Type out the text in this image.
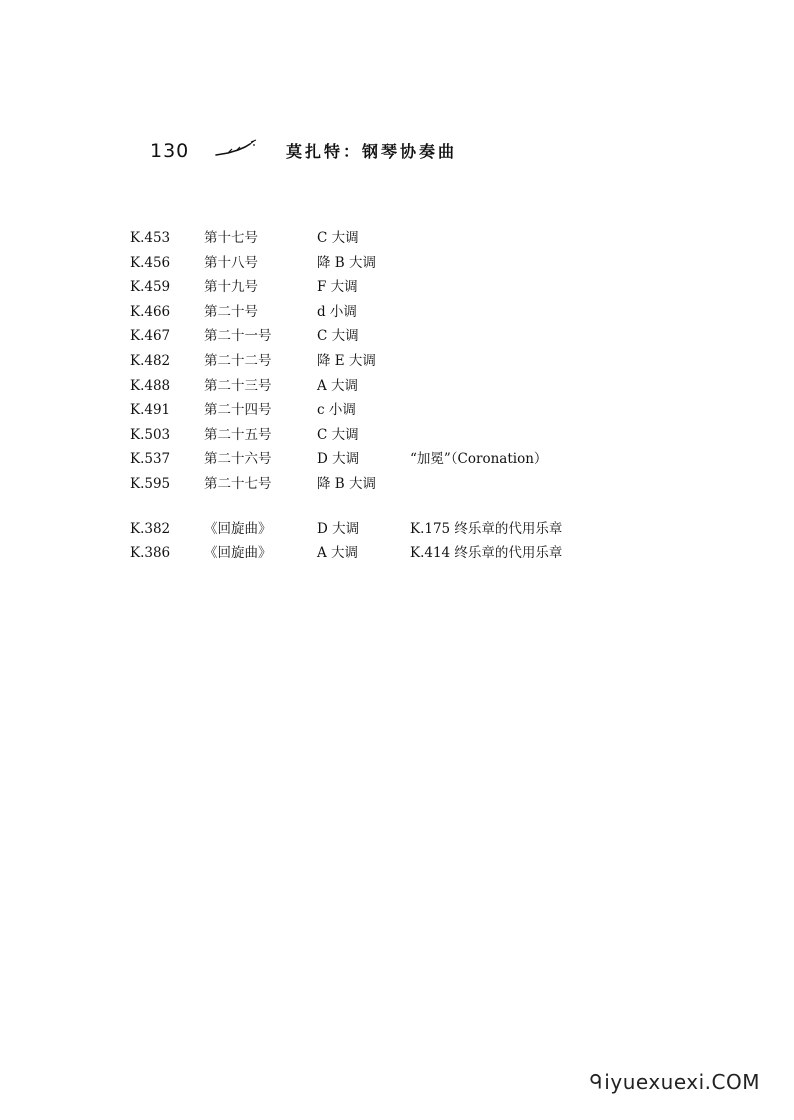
130	莫扎特：钢琴协奏曲
K.453	第十七号	C 大调
K.456	第十八号	降 B 大调
K.459	第十九号	F 大调
K.466	第二十号	d 小调
K.467	第二十一号	C 大调
K.482	第二十二号	降 E 大调
K.488	第二十三号	A 大调
K.491	第二十四号	c 小调
K.503	第二十五号	C 大调
K.537	第二十六号	D 大调	“加冕”（Coronation）
K.595	第二十七号	降 B 大调
K.382	《回旋曲》	D 大调	K.175 终乐章的代用乐章
K.386	《回旋曲》	A 大调	K.414 终乐章的代用乐章
iyuexuexi.COM
